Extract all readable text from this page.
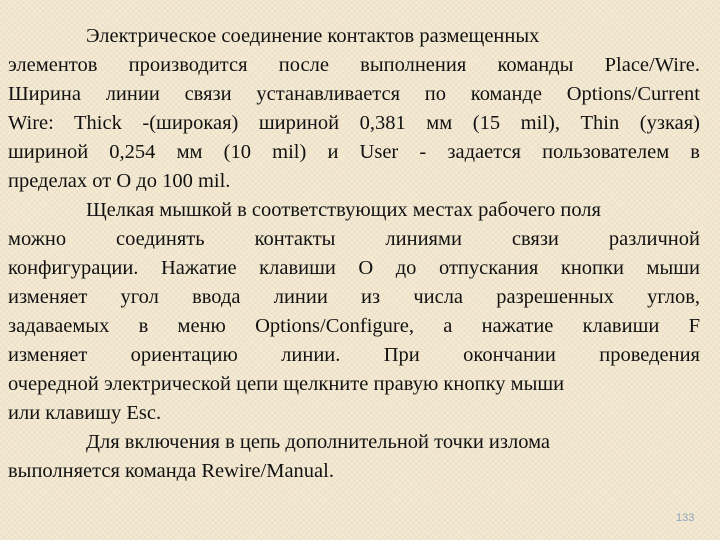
Электрическое соединение контактов размещенных
элементов производится после выполнения команды Place/Wire.
Ширина линии связи устанавливается по команде Options/Current
Wire: Thick -(широкая) шириной 0,381 мм (15 mil), Thin (узкая)
шириной 0,254 мм (10 mil) и User - задается пользователем в
пределах от О до 100 mil.
Щелкая мышкой в соответствующих местах рабочего поля
можно соединять контакты линиями связи различной
конфигурации. Нажатие клавиши О до отпускания кнопки мыши
изменяет угол ввода линии из числа разрешенных углов,
задаваемых в меню Options/Configure, а нажатие клавиши F
изменяет ориентацию линии. При окончании проведения
очередной электрической цепи щелкните правую кнопку мыши
или клавишу Esc.
Для включения в цепь дополнительной точки излома
выполняется команда Rewire/Manual.
133
